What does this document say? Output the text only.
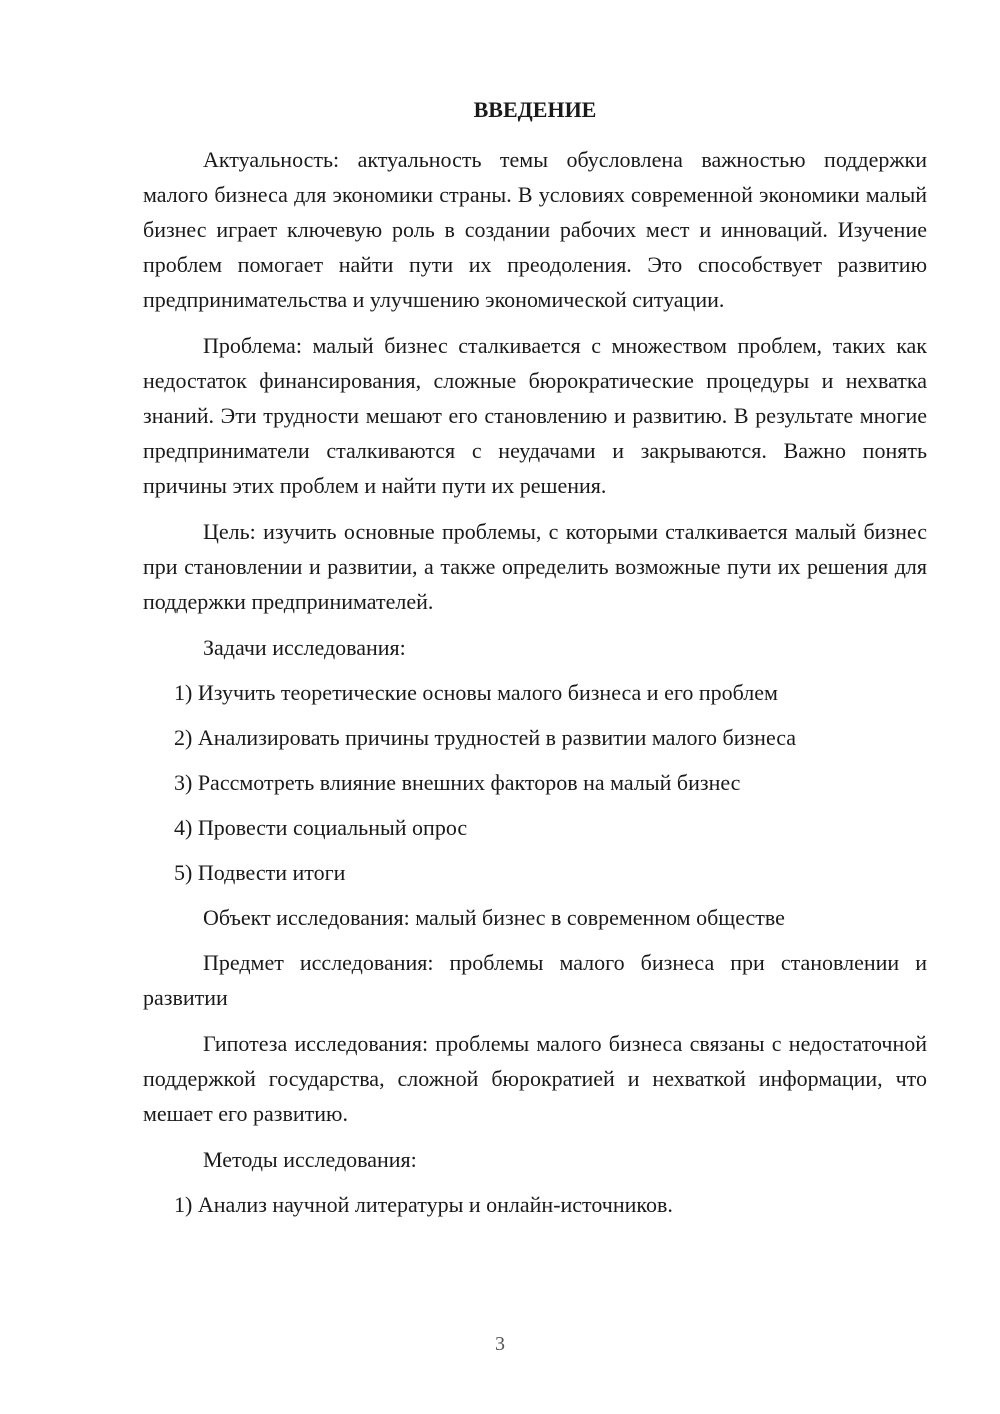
ВВЕДЕНИЕ

Актуальность: актуальность темы обусловлена важностью поддержки малого бизнеса для экономики страны. В условиях современной экономики малый бизнес играет ключевую роль в создании рабочих мест и инноваций. Изучение проблем помогает найти пути их преодоления. Это способствует развитию предпринимательства и улучшению экономической ситуации.

Проблема: малый бизнес сталкивается с множеством проблем, таких как недостаток финансирования, сложные бюрократические процедуры и нехватка знаний. Эти трудности мешают его становлению и развитию. В результате многие предприниматели сталкиваются с неудачами и закрываются. Важно понять причины этих проблем и найти пути их решения.

Цель: изучить основные проблемы, с которыми сталкивается малый бизнес при становлении и развитии, а также определить возможные пути их решения для поддержки предпринимателей.

Задачи исследования:
1) Изучить теоретические основы малого бизнеса и его проблем
2) Анализировать причины трудностей в развитии малого бизнеса
3) Рассмотреть влияние внешних факторов на малый бизнес
4) Провести социальный опрос
5) Подвести итоги
Объект исследования: малый бизнес в современном обществе

Предмет исследования: проблемы малого бизнеса при становлении и развитии

Гипотеза исследования: проблемы малого бизнеса связаны с недостаточной поддержкой государства, сложной бюрократией и нехваткой информации, что мешает его развитию.

Методы исследования:
1) Анализ научной литературы и онлайн-источников.
3
